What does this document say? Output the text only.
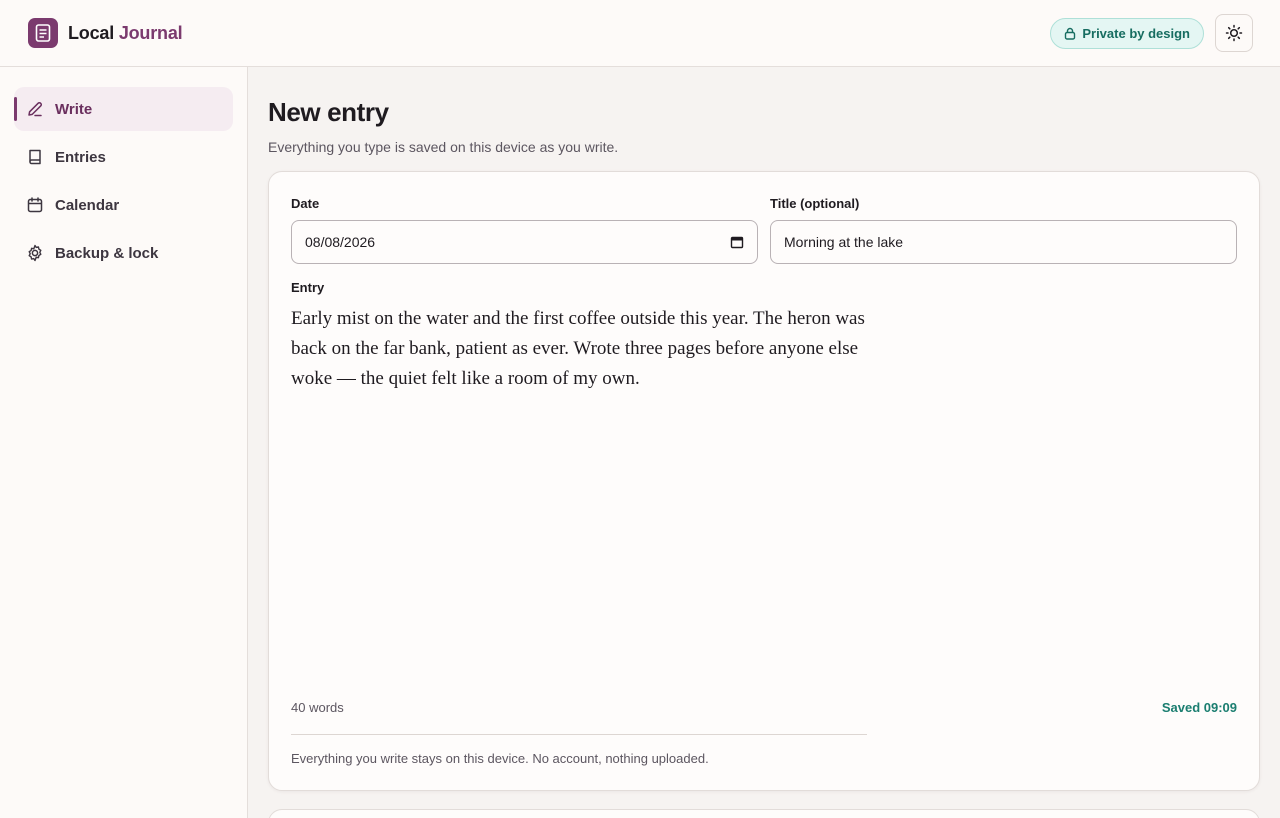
Local Journal	Private by design
Write
Entries
Calendar
Backup & lock
New entry

Everything you type is saved on this device as you write.

Date
08/08/2026
Title (optional)
Morning at the lake
Entry
Early mist on the water and the first coffee outside this year. The heron was back on the far bank, patient as ever. Wrote three pages before anyone else woke — the quiet felt like a room of my own.
40 words	Saved 09:09
Everything you write stays on this device. No account, nothing uploaded.
